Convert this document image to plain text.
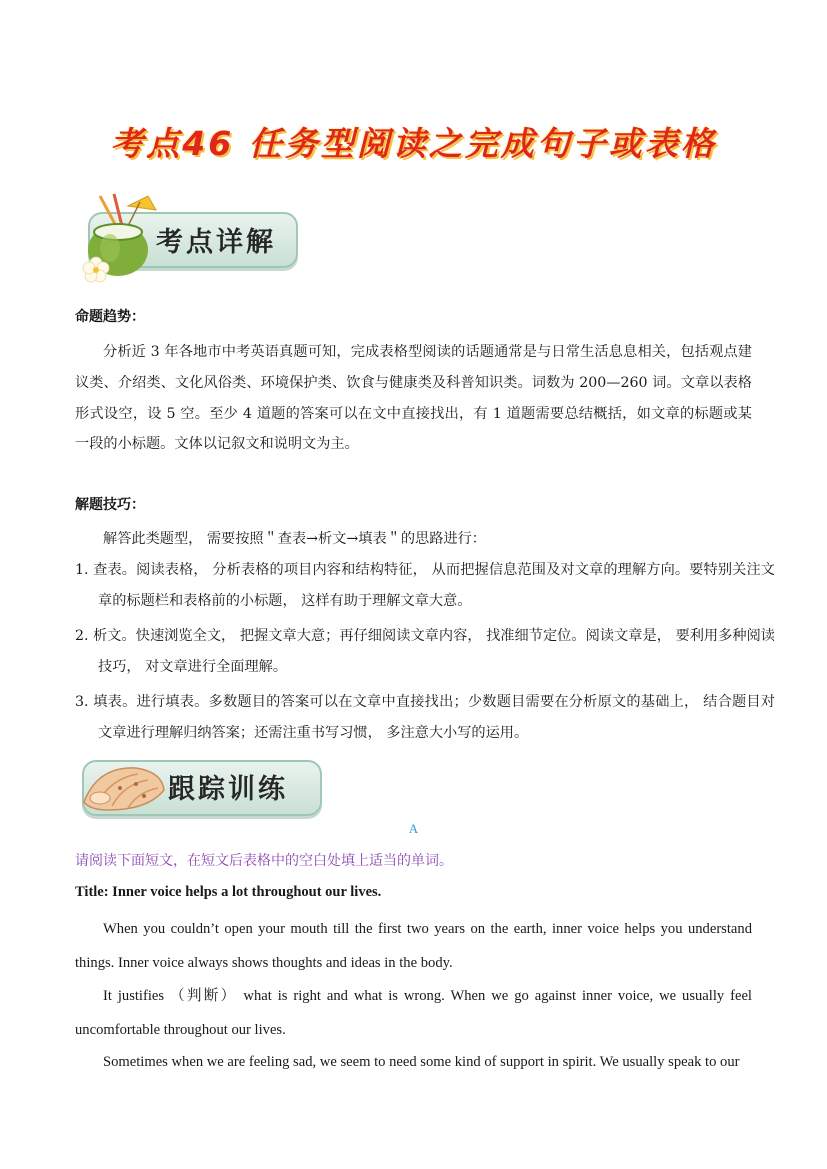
考点46 任务型阅读之完成句子或表格
考点详解
命题趋势：

分析近 3 年各地市中考英语真题可知，完成表格型阅读的话题通常是与日常生活息息相关，包括观点建议类、介绍类、文化风俗类、环境保护类、饮食与健康类及科普知识类。词数为 200—260 词。文章以表格形式设空，设 5 空。至少 4 道题的答案可以在文中直接找出，有 1 道题需要总结概括，如文章的标题或某一段的小标题。文体以记叙文和说明文为主。

解题技巧：

解答此类题型， 需要按照＂查表→析文→填表＂的思路进行：

1. 查表。阅读表格， 分析表格的项目内容和结构特征， 从而把握信息范围及对文章的理解方向。要特别关注文章的标题栏和表格前的小标题， 这样有助于理解文章大意。

2. 析文。快速浏览全文， 把握文章大意；再仔细阅读文章内容， 找准细节定位。阅读文章是， 要利用多种阅读技巧， 对文章进行全面理解。

3. 填表。进行填表。多数题目的答案可以在文章中直接找出；少数题目需要在分析原文的基础上， 结合题目对文章进行理解归纳答案；还需注重书写习惯， 多注意大小写的运用。

跟踪训练
A
请阅读下面短文，在短文后表格中的空白处填上适当的单词。
Title: Inner voice helps a lot throughout our lives.

When you couldn’t open your mouth till the first two years on the earth, inner voice helps you understand things. Inner voice always shows thoughts and ideas in the body.

It justifies （判断） what is right and what is wrong. When we go against inner voice, we usually feel uncomfortable throughout our lives.

Sometimes when we are feeling sad, we seem to need some kind of support in spirit. We usually speak to our
